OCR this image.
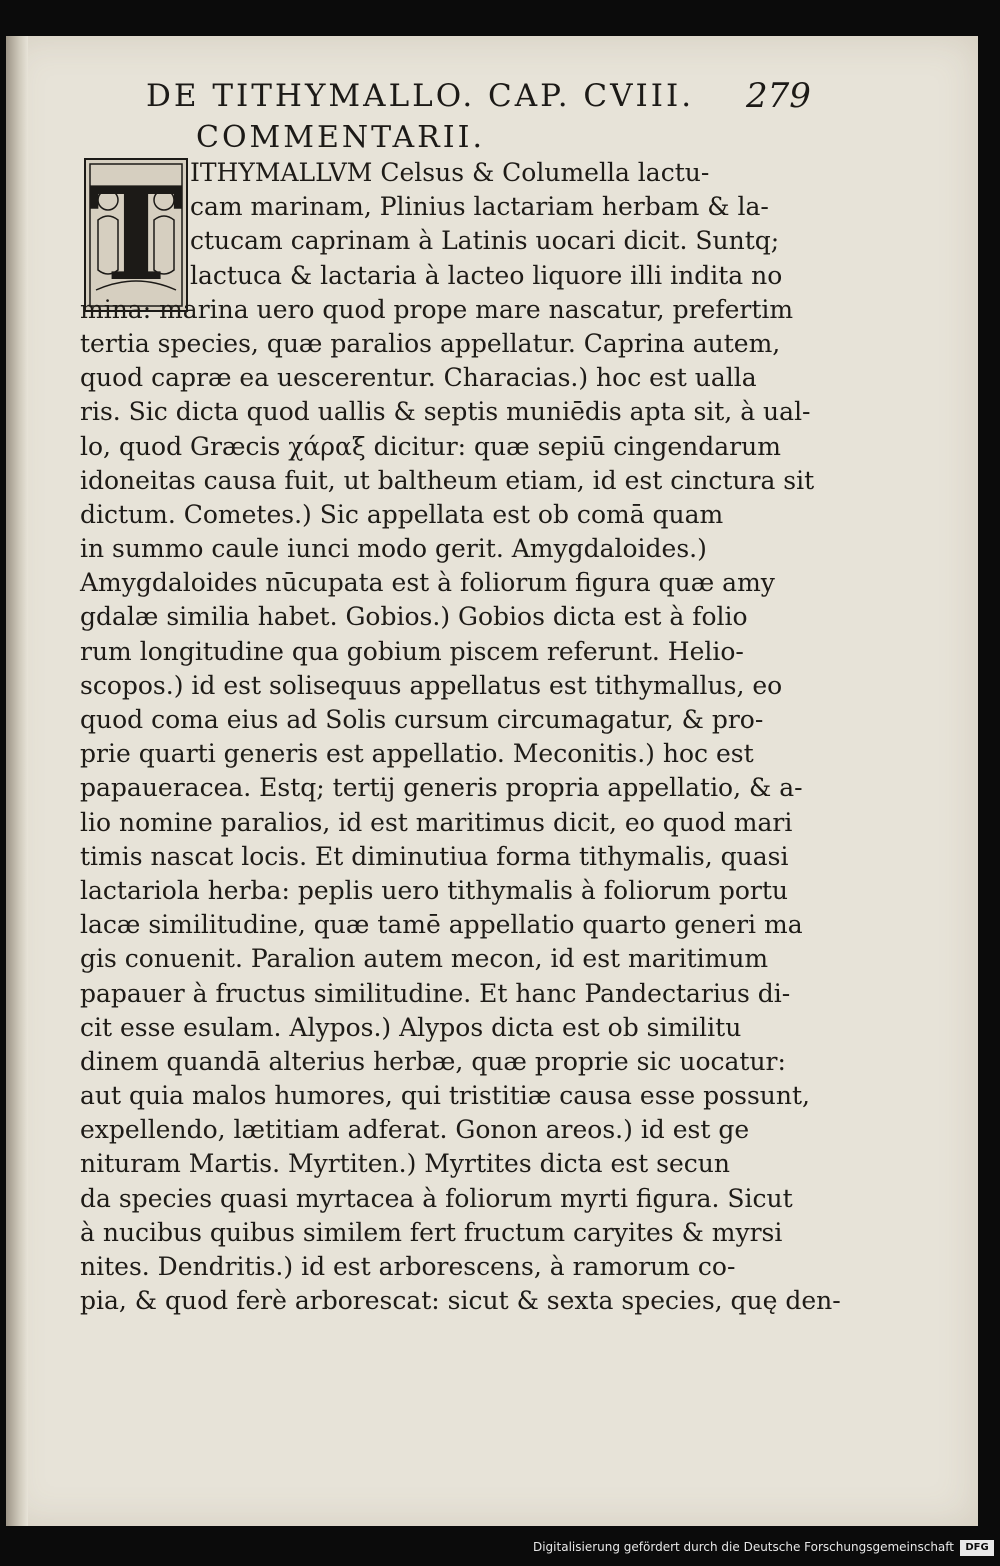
DE TITHYMALLO. CAP. CVIII.	279
COMMENTARII.
T ITHYMALLVM Celsus & Columella lactu-
cam marinam, Plinius lactariam herbam & la-
ctucam caprinam à Latinis uocari dicit. Suntq;
lactuca & lactaria à lacteo liquore illi indita no
mina: marina uero quod prope mare nascatur, prefertim
tertia species, quæ paralios appellatur. Caprina autem,
quod capræ ea uescerentur. Characias.) hoc est ualla
ris. Sic dicta quod uallis & septis muniēdis apta sit, à ual-
lo, quod Græcis χάραξ dicitur: quæ sepiū cingendarum
idoneitas causa fuit, ut baltheum etiam, id est cinctura sit
dictum. Cometes.) Sic appellata est ob comā quam
in summo caule iunci modo gerit. Amygdaloides.)
Amygdaloides nūcupata est à foliorum figura quæ amy
gdalæ similia habet. Gobios.) Gobios dicta est à folio
rum longitudine qua gobium piscem referunt. Helio-
scopos.) id est solisequus appellatus est tithymallus, eo
quod coma eius ad Solis cursum circumagatur, & pro-
prie quarti generis est appellatio. Meconitis.) hoc est
papaueracea. Estq; tertij generis propria appellatio, & a-
lio nomine paralios, id est maritimus dicit, eo quod mari
timis nascat locis. Et diminutiua forma tithymalis, quasi
lactariola herba: peplis uero tithymalis à foliorum portu
lacæ similitudine, quæ tamē appellatio quarto generi ma
gis conuenit. Paralion autem mecon, id est maritimum
papauer à fructus similitudine. Et hanc Pandectarius di-
cit esse esulam. Alypos.) Alypos dicta est ob similitu
dinem quandā alterius herbæ, quæ proprie sic uocatur:
aut quia malos humores, qui tristitiæ causa esse possunt,
expellendo, lætitiam adferat. Gonon areos.) id est ge
nituram Martis. Myrtiten.) Myrtites dicta est secun
da species quasi myrtacea à foliorum myrti figura. Sicut
à nucibus quibus similem fert fructum caryites & myrsi
nites. Dendritis.) id est arborescens, à ramorum co-
pia, & quod ferè arborescat: sicut & sexta species, quę den-
Digitalisierung gefördert durch die Deutsche Forschungsgemeinschaft	DFG
